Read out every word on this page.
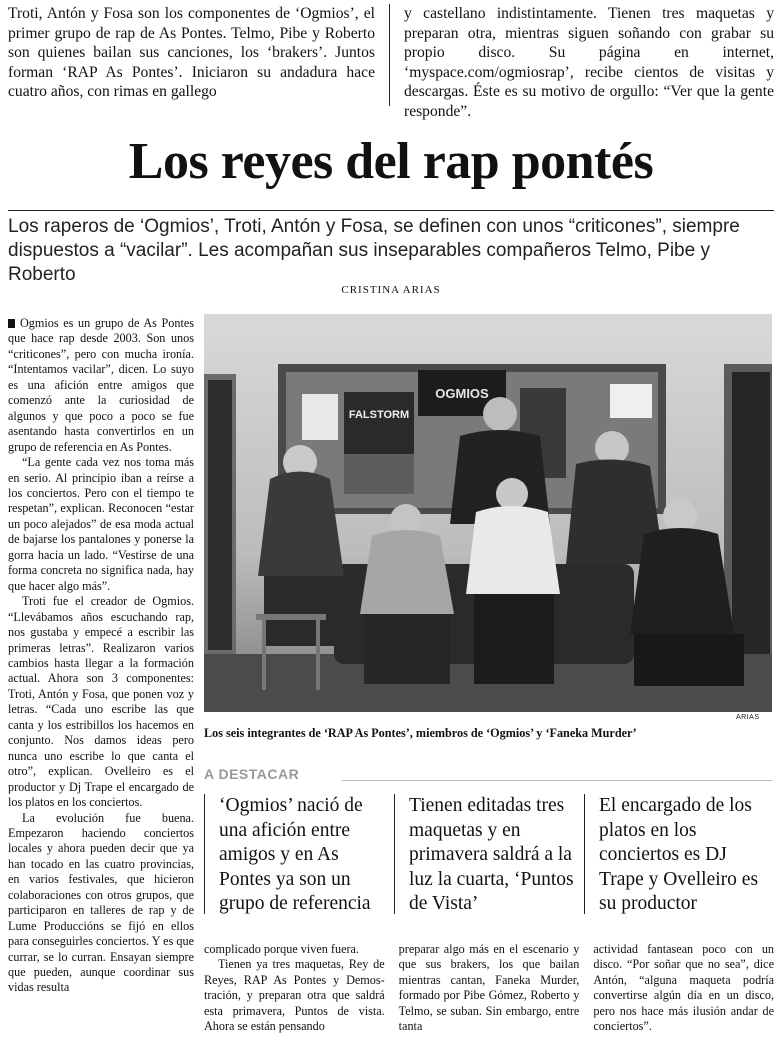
Troti, Antón y Fosa son los componentes de ‘Ogmios’, el primer grupo de rap de As Pontes. Telmo, Pibe y Roberto son quienes bailan sus canciones, los ‘brakers’. Juntos forman ‘RAP As Pontes’. Iniciaron su andadura hace cuatro años, con rimas en gallego
y castellano indistintamente. Tienen tres maquetas y preparan otra, mientras siguen soñando con grabar su propio disco. Su página en internet, ‘myspace.com/ogmiosrap’, recibe cientos de visitas y descargas. Éste es su motivo de orgullo: “Ver que la gente responde”.
Los reyes del rap pontés
Los raperos de ‘Ogmios’, Troti, Antón y Fosa, se definen con unos “criticones”, siempre dispuestos a “vacilar”. Les acompañan sus inseparables compañeros Telmo, Pibe y Roberto
CRISTINA ARIAS

Ogmios es un grupo de As Pontes que hace rap desde 2003. Son unos “criticones”, pero con mucha ironía. “Intentamos vacilar”, dicen. Lo suyo es una afición entre amigos que comenzó ante la curiosidad de algunos y que poco a poco se fue asentando hasta convertirlos en un grupo de referencia en As Pontes.

“La gente cada vez nos toma más en serio. Al principio iban a reírse a los conciertos. Pero con el tiempo te respetan”, explican. Reconocen “estar un poco alejados” de esa moda actual de bajarse los pantalones y ponerse la gorra hacia un lado. “Vestirse de una forma concreta no significa nada, hay que hacer algo más”.

Troti fue el creador de Ogmios. “Llevábamos años escuchando rap, nos gustaba y empecé a escribir las primeras letras”. Realizaron varios cambios hasta llegar a la formación actual. Ahora son 3 componentes: Troti, Antón y Fosa, que ponen voz y letras. “Cada uno escribe las que canta y los estribillos los hacemos en conjunto. Nos damos ideas pero nunca uno escribe lo que canta el otro”, explican. Ovelleiro es el productor y Dj Trape el encargado de los platos en los conciertos.

La evolución fue buena. Empezaron haciendo conciertos locales y ahora pueden decir que ya han tocado en las cuatro provincias, en varios festivales, que hicieron colaboraciones con otros grupos, que participaron en talleres de rap y de Lume Produccións se fijó en ellos para conseguirles conciertos. Y es que currar, se lo curran. Ensayan siempre que pueden, aunque coordinar sus vidas resulta

OGMIOS
FALSTORM
ARIAS
Los seis integrantes de ‘RAP As Pontes’, miembros de ‘Ogmios’ y ‘Faneka Murder’
A DESTACAR
‘Ogmios’ nació de una afición entre amigos y en As Pontes ya son un grupo de referencia
Tienen editadas tres maquetas y en primavera saldrá a la luz la cuarta, ‘Puntos de Vista’
El encargado de los platos en los conciertos es DJ Trape y Ovelleiro es su productor

complicado porque viven fuera.

Tienen ya tres maquetas, Rey de Reyes, RAP As Pontes y Demos-tración, y preparan otra que saldrá esta primavera, Puntos de vista. Ahora se están pensando

preparar algo más en el escenario y que sus brakers, los que bailan mientras cantan, Faneka Murder, formado por Pibe Gómez, Roberto y Telmo, se suban. Sin embargo, entre tanta

actividad fantasean poco con un disco. “Por soñar que no sea”, dice Antón, “alguna maqueta podría convertirse algún día en un disco, pero nos hace más ilusión andar de conciertos”.
